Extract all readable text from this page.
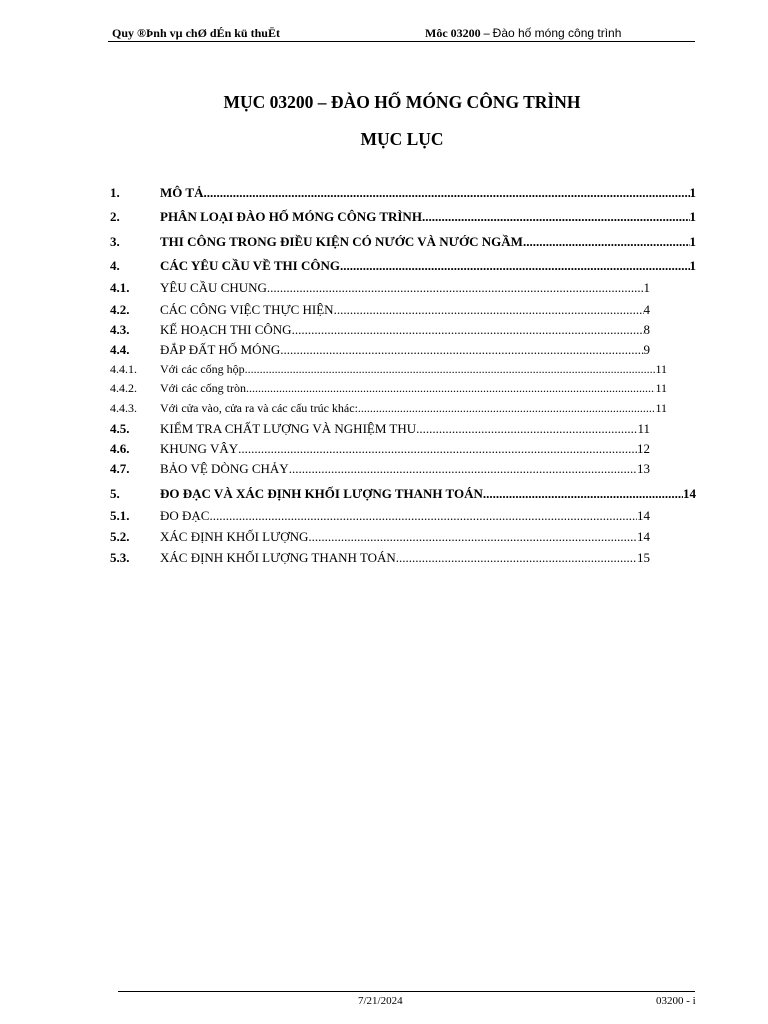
Quy ®Þnh vµ chØ dÉn kü thuËt	Môc 03200 – Đào hố móng công trình
MỤC 03200 – ĐÀO HỐ MÓNG CÔNG TRÌNH
MỤC LỤC
1.	MÔ TẢ .....	1
2.	PHÂN LOẠI ĐÀO HỐ MÓNG CÔNG TRÌNH .....	1
3.	THI CÔNG TRONG ĐIỀU KIỆN CÓ NƯỚC VÀ NƯỚC NGẦM .....	1
4.	CÁC YÊU CẦU VỀ THI CÔNG .....	1
4.1.	YÊU CẦU CHUNG .....	1
4.2.	CÁC CÔNG VIỆC THỰC HIỆN .....	4
4.3.	KẾ HOẠCH THI CÔNG .....	8
4.4.	ĐẮP ĐẤT HỐ MÓNG .....	9
4.4.1.	Với các cống hộp .....	11
4.4.2.	Với các cống tròn .....	11
4.4.3.	Với cửa vào, cửa ra và các cấu trúc khác: .....	11
4.5.	KIỂM TRA CHẤT LƯỢNG VÀ NGHIỆM THU .....	11
4.6.	KHUNG VÂY .....	12
4.7.	BẢO VỆ DÒNG CHẢY .....	13
5.	ĐO ĐẠC VÀ XÁC ĐỊNH KHỐI LƯỢNG THANH TOÁN .....	14
5.1.	ĐO ĐẠC .....	14
5.2.	XÁC ĐỊNH KHỐI LƯỢNG .....	14
5.3.	XÁC ĐỊNH KHỐI LƯỢNG THANH TOÁN .....	15
7/21/2024	03200 - i
